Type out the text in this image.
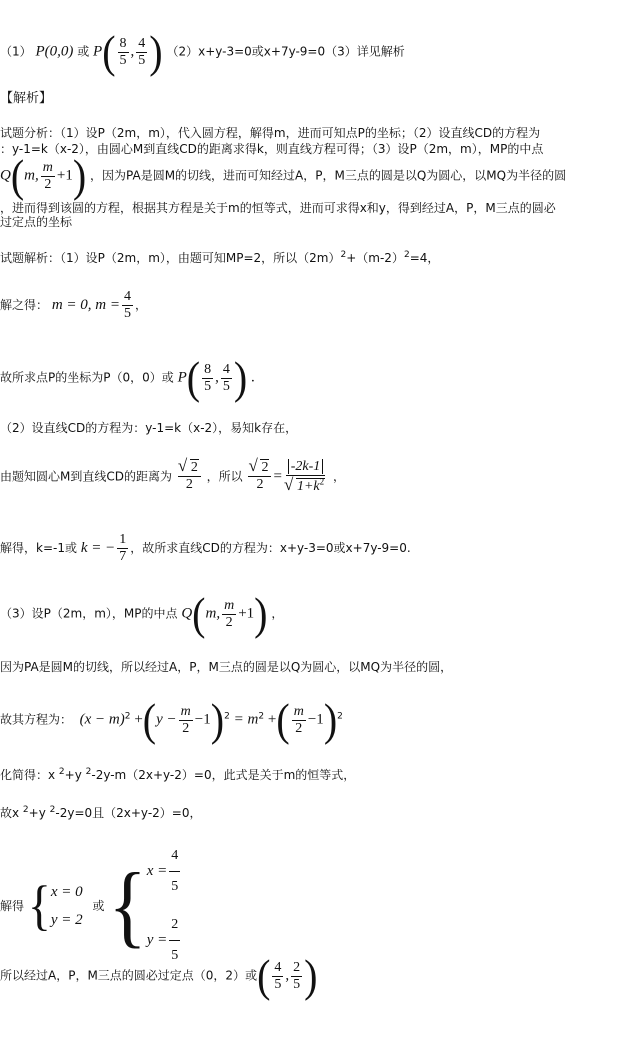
（1） P(0,0) 或 $P( \frac{8}{5}$ , $\frac{4}{5}$ ) （2）x+y-3=0或x+7y-9=0（3）详见解析
【解析】
试题分析：（1）设P（2m，m），代入圆方程，解得m，进而可知点P的坐标；（2）设直线CD的方程为
：y-1=k（x-2），由圆心M到直线CD的距离求得k，则直线方程可得；（3）设P（2m，m），MP的中点
Q(m, $\frac{m}{2} +1$) ，因为PA是圆M的切线，进而可知经过A，P，M三点的圆是以Q为圆心，以MQ为半径的圆
，进而得到该圆的方程，根据其方程是关于m的恒等式，进而可求得x和y，得到经过A，P，M三点的圆必
过定点的坐标
试题解析：（1）设P（2m，m），由题可知MP=2，所以$(2m)^2+(m-2)^2=4$，
解之得： m = 0, $m = \frac{4}{5}$ ，
故所求点P的坐标为P（0，0）或 $P( \frac{8}{5}$ , $\frac{4}{5}$ ) .
（2）设直线CD的方程为：y-1=k（x-2），易知k存在，
由题知圆心M到直线CD的距离为 √ $\frac{2}{2}$ ，所以 √ $\frac{2}{2} = -2k-1$
√ $1+k^2$ ，
解得，k=-1或 k = − $\frac{1}{7}$ ，故所求直线CD的方程为：x+y-3=0或x+7y-9=0.
（3）设P（2m，m），MP的中点 Q(m, $\frac{m}{2} +1$) ，
因为PA是圆M的切线，所以经过A，P，M三点的圆是以Q为圆心，以MQ为半径的圆，
故其方程为： $(x - m)^2 +(y - \frac{m}{2} -1)^2 = m^2$ +( $\frac{m}{2} -1)^2$
化简得：x $^2$+y $^2$-2y-m（2x+y-2）=0，此式是关于m的恒等式，
故x $^2$+y $^2$-2y=0且（2x+y-2）=0，
解得 { x = 0
y = 2
或 { $x = \frac{4}{5}$
$y = \frac{2}{5}$
所以经过A，P，M三点的圆必过定点（0，2）或( $\frac{4}{5}$ , $\frac{2}{5}$ )
